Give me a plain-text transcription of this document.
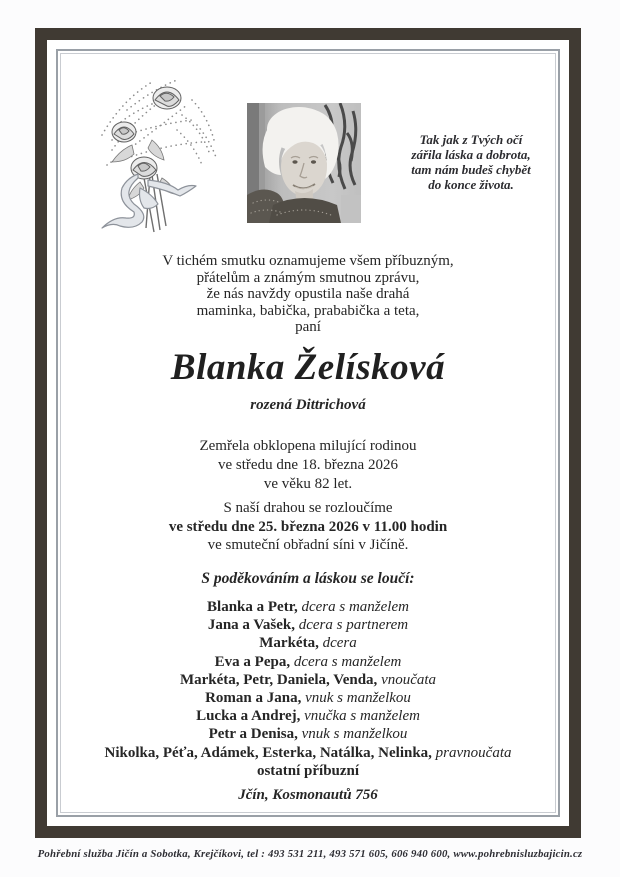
Tak jak z Tvých očí
zářila láska a dobrota,
tam nám budeš chybět
do konce života.
V tichém smutku oznamujeme všem příbuzným,
přátelům a známým smutnou zprávu,
že nás navždy opustila naše drahá
maminka, babička, prababička a teta,
paní
Blanka Želísková
rozená Dittrichová
Zemřela obklopena milující rodinou
ve středu dne 18. března 2026
ve věku 82 let.
S naší drahou se rozloučíme
ve středu dne 25. března 2026 v 11.00 hodin
ve smuteční obřadní síni v Jičíně.
S poděkováním a láskou se loučí:
Blanka a Petr, dcera s manželem
Jana a Vašek, dcera s partnerem
Markéta, dcera
Eva a Pepa, dcera s manželem
Markéta, Petr, Daniela, Venda, vnoučata
Roman a Jana, vnuk s manželkou
Lucka a Andrej, vnučka s manželem
Petr a Denisa, vnuk s manželkou
Nikolka, Péťa, Adámek, Esterka, Natálka, Nelinka, pravnoučata
ostatní příbuzní
Jčín, Kosmonautů 756
Pohřební služba Jičín a Sobotka, Krejčíkovi, tel : 493 531 211, 493 571 605, 606 940 600, www.pohrebnisluzbajicin.cz
